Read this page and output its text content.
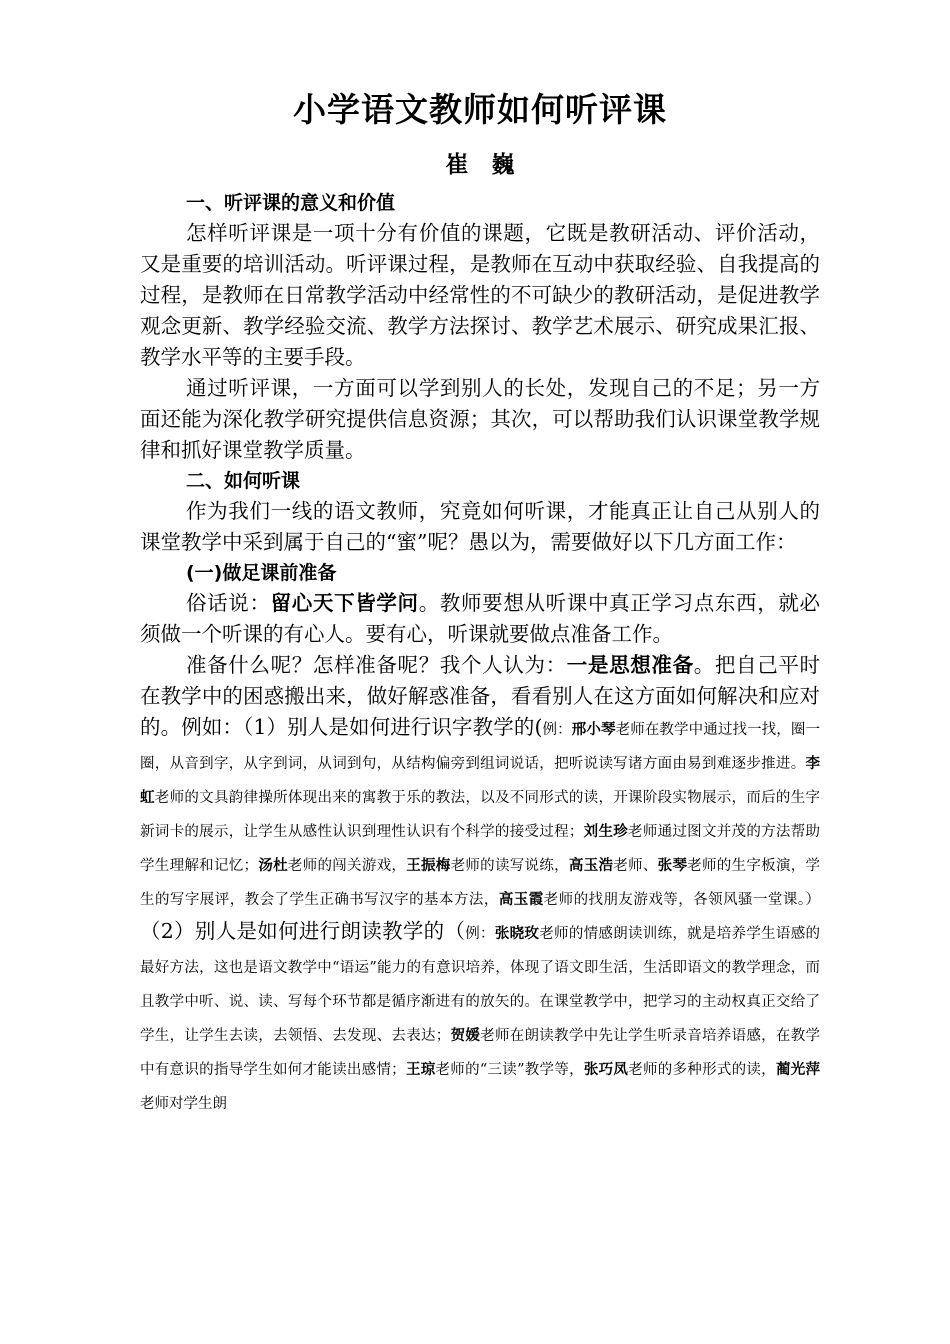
小学语文教师如何听评课
崔　巍

一、听评课的意义和价值

怎样听评课是一项十分有价值的课题，它既是教研活动、评价活动，又是重要的培训活动。听评课过程，是教师在互动中获取经验、自我提高的过程，是教师在日常教学活动中经常性的不可缺少的教研活动，是促进教学观念更新、教学经验交流、教学方法探讨、教学艺术展示、研究成果汇报、教学水平等的主要手段。

通过听评课，一方面可以学到别人的长处，发现自己的不足；另一方面还能为深化教学研究提供信息资源；其次，可以帮助我们认识课堂教学规律和抓好课堂教学质量。

二、如何听课

作为我们一线的语文教师，究竟如何听课，才能真正让自己从别人的课堂教学中采到属于自己的“蜜”呢？愚以为，需要做好以下几方面工作：

(一)做足课前准备

俗话说：留心天下皆学问。教师要想从听课中真正学习点东西，就必须做一个听课的有心人。要有心，听课就要做点准备工作。

准备什么呢？怎样准备呢？我个人认为：一是思想准备。把自己平时在教学中的困惑搬出来，做好解惑准备，看看别人在这方面如何解决和应对的。例如：（1）别人是如何进行识字教学的(例：邢小琴老师在教学中通过找一找，圈一圈，从音到字，从字到词，从词到句，从结构偏旁到组词说话，把听说读写诸方面由易到难逐步推进。李虹老师的文具韵律操所体现出来的寓教于乐的教法，以及不同形式的读，开课阶段实物展示，而后的生字新词卡的展示，让学生从感性认识到理性认识有个科学的接受过程；刘生珍老师通过图文并茂的方法帮助学生理解和记忆；汤杜老师的闯关游戏，王振梅老师的读写说练，高玉浩老师、张琴老师的生字板演，学生的写字展评，教会了学生正确书写汉字的基本方法，高玉霞老师的找朋友游戏等，各领风骚一堂课。）（2）别人是如何进行朗读教学的（例：张晓玫老师的情感朗读训练，就是培养学生语感的最好方法，这也是语文教学中“语运”能力的有意识培养，体现了语文即生活，生活即语文的教学理念，而且教学中听、说、读、写每个环节都是循序渐进有的放矢的。在课堂教学中，把学习的主动权真正交给了学生，让学生去读，去领悟、去发现、去表达；贺媛老师在朗读教学中先让学生听录音培养语感，在教学中有意识的指导学生如何才能读出感情；王琼老师的“三读”教学等，张巧凤老师的多种形式的读，蔺光萍老师对学生朗
